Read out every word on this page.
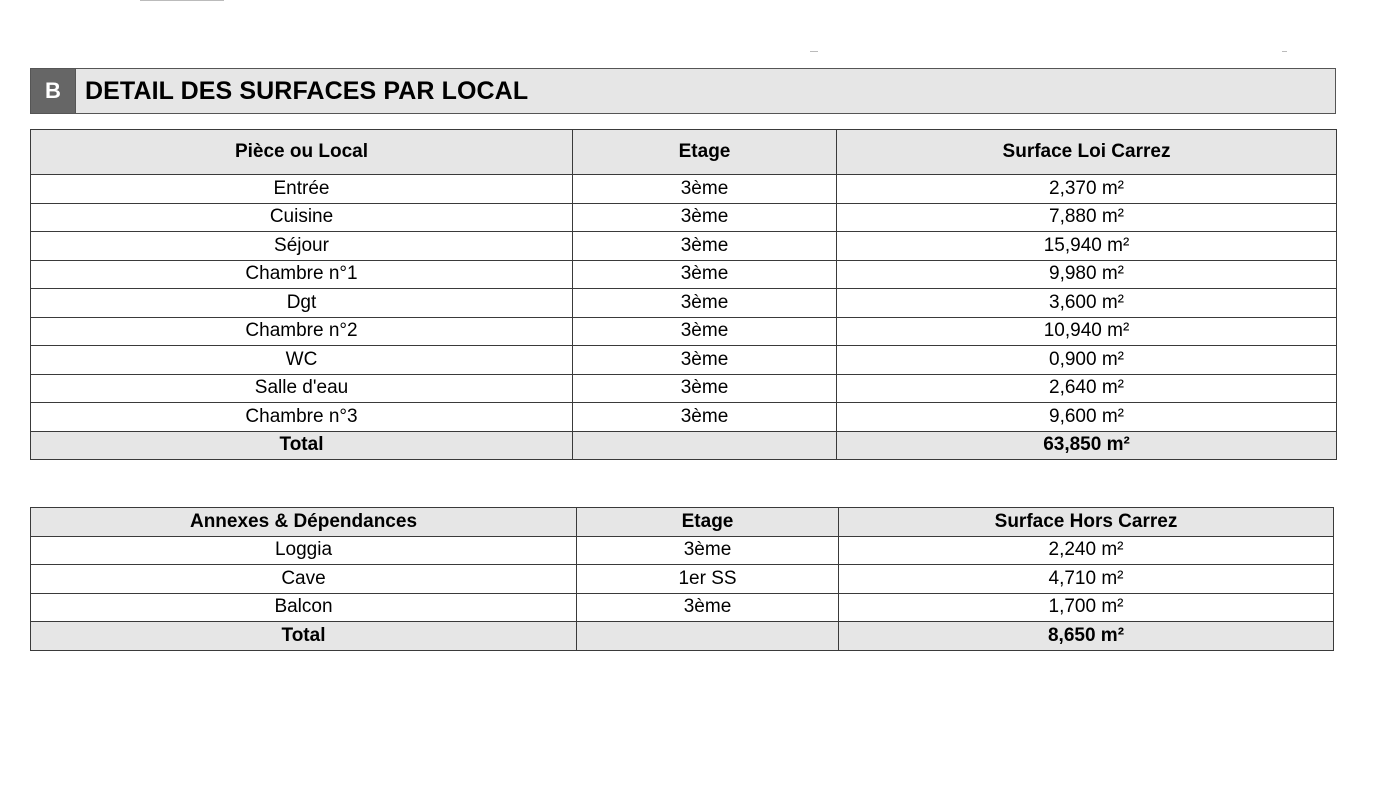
B DETAIL DES SURFACES PAR LOCAL
Pièce ou Local	Etage	Surface Loi Carrez
Entrée	3ème	2,370 m²
Cuisine	3ème	7,880 m²
Séjour	3ème	15,940 m²
Chambre n°1	3ème	9,980 m²
Dgt	3ème	3,600 m²
Chambre n°2	3ème	10,940 m²
WC	3ème	0,900 m²
Salle d'eau	3ème	2,640 m²
Chambre n°3	3ème	9,600 m²
Total		63,850 m²
Annexes & Dépendances	Etage	Surface Hors Carrez
Loggia	3ème	2,240 m²
Cave	1er SS	4,710 m²
Balcon	3ème	1,700 m²
Total		8,650 m²
